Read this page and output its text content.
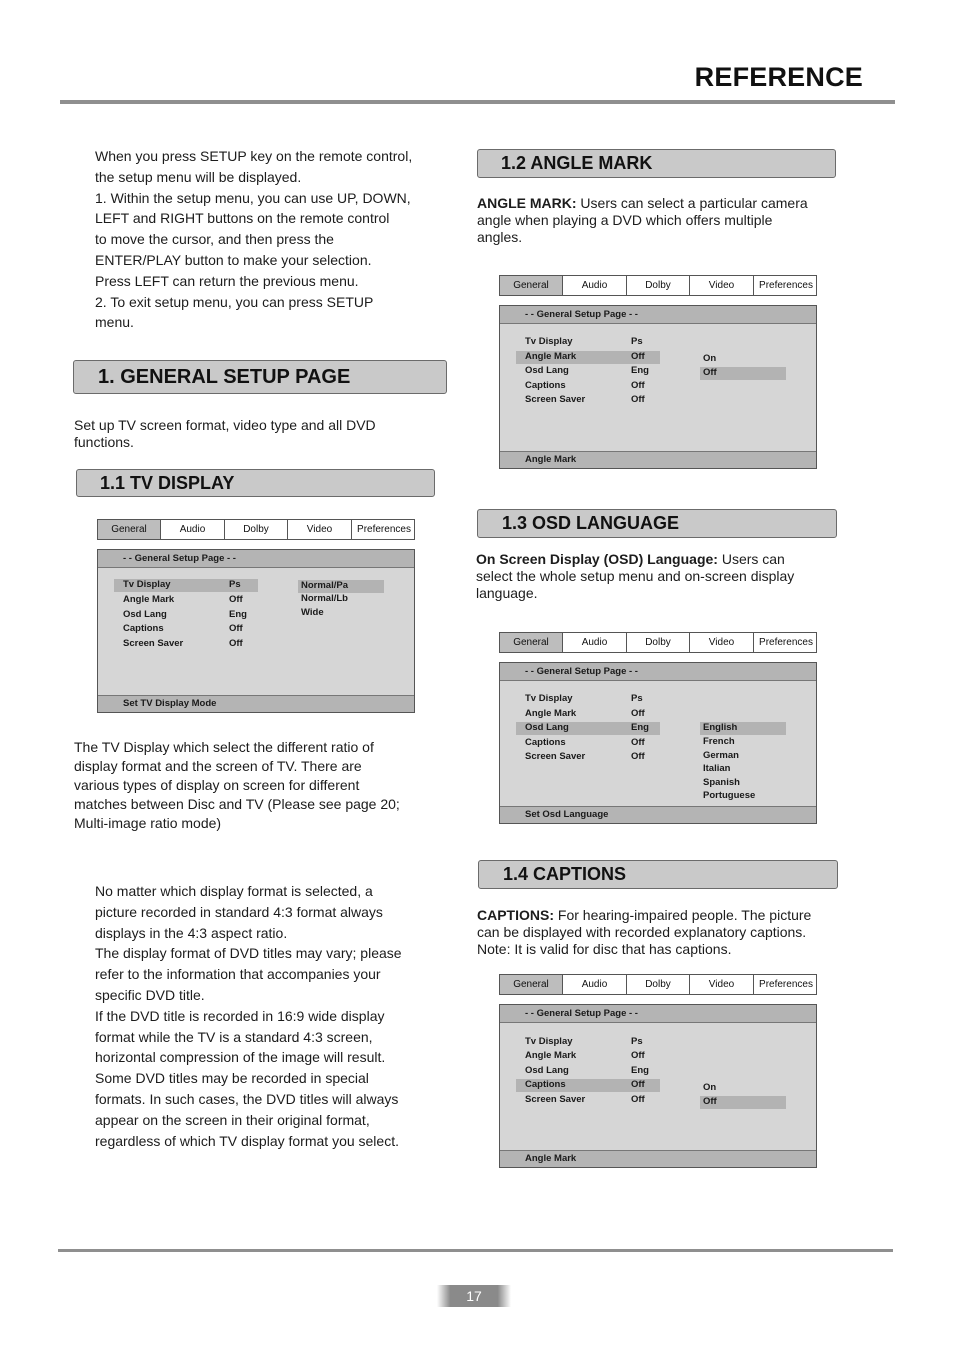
REFERENCE

When you press SETUP key on the remote control,

the setup menu will be displayed.

1. Within the setup menu, you can use UP, DOWN,

LEFT and RIGHT buttons on the remote control

to move the cursor, and then press the

ENTER/PLAY button to make your selection.

Press LEFT can return the previous menu.

2. To exit setup menu, you can press SETUP

menu.

1. GENERAL SETUP PAGE

Set up TV screen format, video type and all DVD

functions.

1.1 TV DISPLAY
General	Audio	Dolby	Video	Preferences
- - General Setup Page - -
Tv Display	Ps
Angle Mark	Off
Osd Lang	Eng
Captions	Off
Screen Saver	Off
Normal/Pa
Normal/Lb
Wide
Set TV Display Mode

The TV Display which select the different ratio of

display format and the screen of TV. There are

various types of display on screen for different

matches between Disc and TV (Please see page 20;

Multi-image ratio mode)

No matter which display format is selected, a

picture recorded in standard 4:3 format always

displays in the 4:3 aspect ratio.

The display format of DVD titles may vary; please

refer to the information that accompanies your

specific DVD title.

If the DVD title is recorded in 16:9 wide display

format while the TV is a standard 4:3 screen,

horizontal compression of the image will result.

Some DVD titles may be recorded in special

formats. In such cases, the DVD titles will always

appear on the screen in their original format,

regardless of which TV display format you select.

1.2 ANGLE MARK

ANGLE MARK: Users can select a particular camera

angle when playing a DVD which offers multiple

angles.

General	Audio	Dolby	Video	Preferences
- - General Setup Page - -
Tv Display	Ps
Angle Mark	Off
Osd Lang	Eng
Captions	Off
Screen Saver	Off
On
Off
Angle Mark
1.3 OSD LANGUAGE

On Screen Display (OSD) Language: Users can

select the whole setup menu and on-screen display

language.

General	Audio	Dolby	Video	Preferences
- - General Setup Page - -
Tv Display	Ps
Angle Mark	Off
Osd Lang	Eng
Captions	Off
Screen Saver	Off
English
French
German
Italian
Spanish
Portuguese
Set Osd Language
1.4 CAPTIONS

CAPTIONS: For hearing-impaired people. The picture

can be displayed with recorded explanatory captions.

Note: It is valid for disc that has captions.

General	Audio	Dolby	Video	Preferences
- - General Setup Page - -
Tv Display	Ps
Angle Mark	Off
Osd Lang	Eng
Captions	Off
Screen Saver	Off
On
Off
Angle Mark
17
